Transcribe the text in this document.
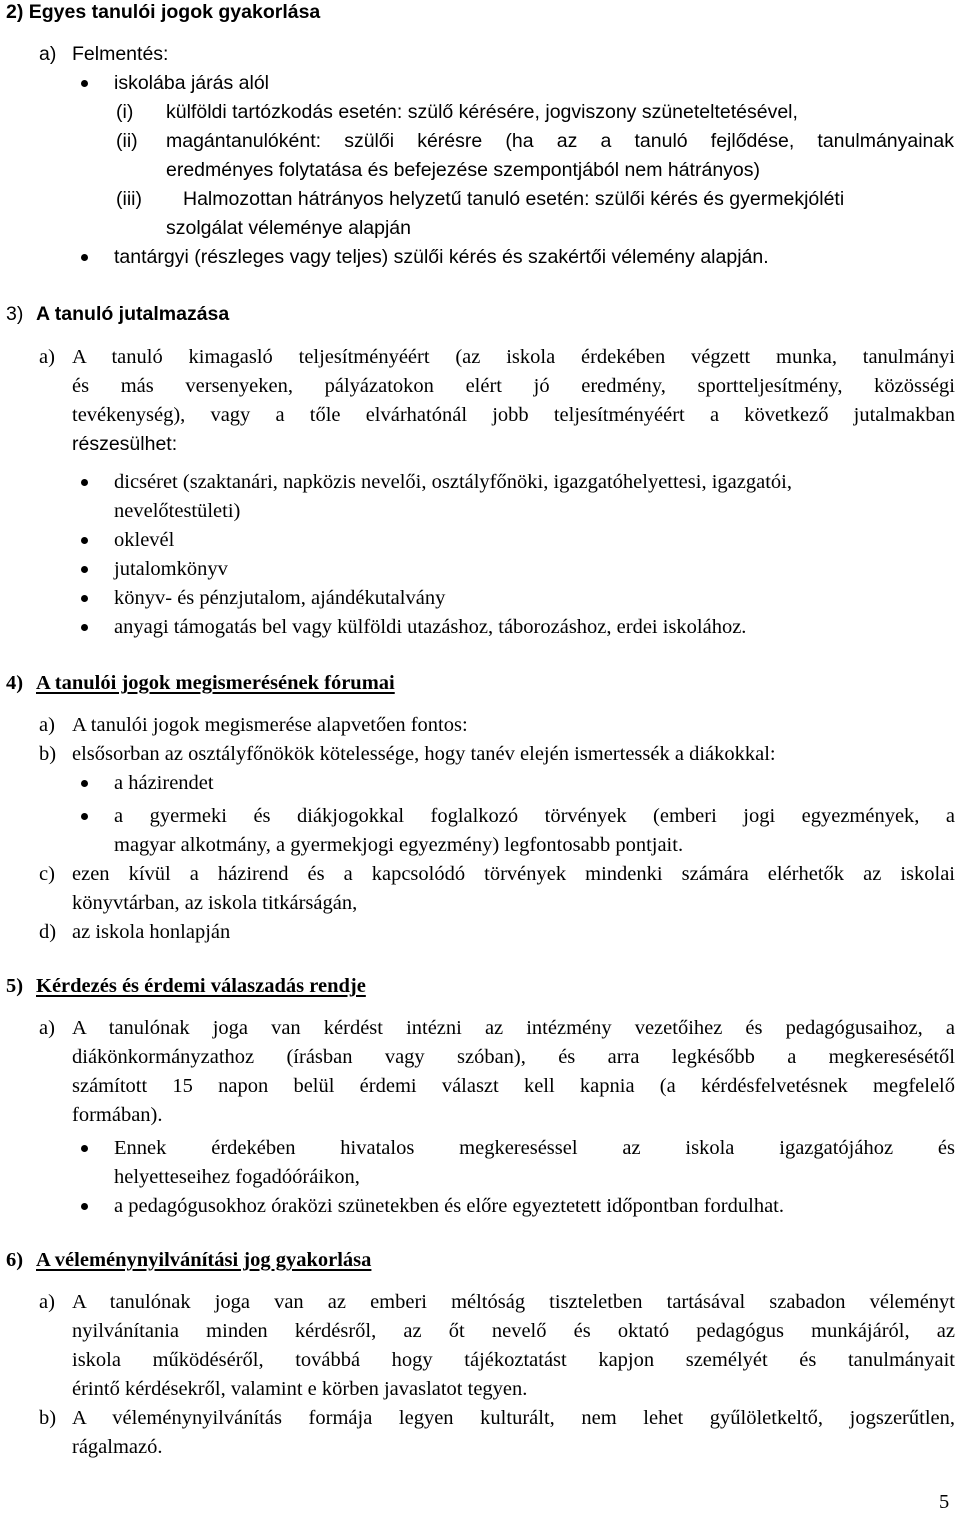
2) Egyes tanulói jogok gyakorlása
a) Felmentés:
iskolába járás alól
(i) külföldi tartózkodás esetén: szülő kérésére, jogviszony szüneteltetésével,
(ii) magántanulóként: szülői kérésre (ha az a tanuló fejlődése, tanulmányainak
eredményes folytatása és befejezése szempontjából nem hátrányos)
(iii) Halmozottan hátrányos helyzetű tanuló esetén: szülői kérés és gyermekjóléti
szolgálat véleménye alapján
tantárgyi (részleges vagy teljes) szülői kérés és szakértői vélemény alapján.
3) A tanuló jutalmazása
a) A tanuló kimagasló teljesítményéért (az iskola érdekében végzett munka, tanulmányi
és más versenyeken, pályázatokon elért jó eredmény, sportteljesítmény, közösségi
tevékenység), vagy a tőle elvárhatónál jobb teljesítményéért a következő jutalmakban
részesülhet:
dicséret (szaktanári, napközis nevelői, osztályfőnöki, igazgatóhelyettesi, igazgatói,
nevelőtestületi)
oklevél
jutalomkönyv
könyv- és pénzjutalom, ajándékutalvány
anyagi támogatás bel vagy külföldi utazáshoz, táborozáshoz, erdei iskolához.
4) A tanulói jogok megismerésének fórumai
a) A tanulói jogok megismerése alapvetően fontos:
b) elsősorban az osztályfőnökök kötelessége, hogy tanév elején ismertessék a diákokkal:
a házirendet
a gyermeki és diákjogokkal foglalkozó törvények (emberi jogi egyezmények, a
magyar alkotmány, a gyermekjogi egyezmény) legfontosabb pontjait.
c) ezen kívül a házirend és a kapcsolódó törvények mindenki számára elérhetők az iskolai
könyvtárban, az iskola titkárságán,
d) az iskola honlapján
5) Kérdezés és érdemi válaszadás rendje
a) A tanulónak joga van kérdést intézni az intézmény vezetőihez és pedagógusaihoz, a
diákönkormányzathoz (írásban vagy szóban), és arra legkésőbb a megkeresésétől
számított 15 napon belül érdemi választ kell kapnia (a kérdésfelvetésnek megfelelő
formában).
Ennek érdekében hivatalos megkereséssel az iskola igazgatójához és
helyetteseihez fogadóóráikon,
a pedagógusokhoz óraközi szünetekben és előre egyeztetett időpontban fordulhat.
6) A véleménynyilvánítási jog gyakorlása
a) A tanulónak joga van az emberi méltóság tiszteletben tartásával szabadon véleményt
nyilvánítania minden kérdésről, az őt nevelő és oktató pedagógus munkájáról, az
iskola működéséről, továbbá hogy tájékoztatást kapjon személyét és tanulmányait
érintő kérdésekről, valamint e körben javaslatot tegyen.
b) A véleménynyilvánítás formája legyen kulturált, nem lehet gyűlöletkeltő, jogszerűtlen,
rágalmazó.
5
